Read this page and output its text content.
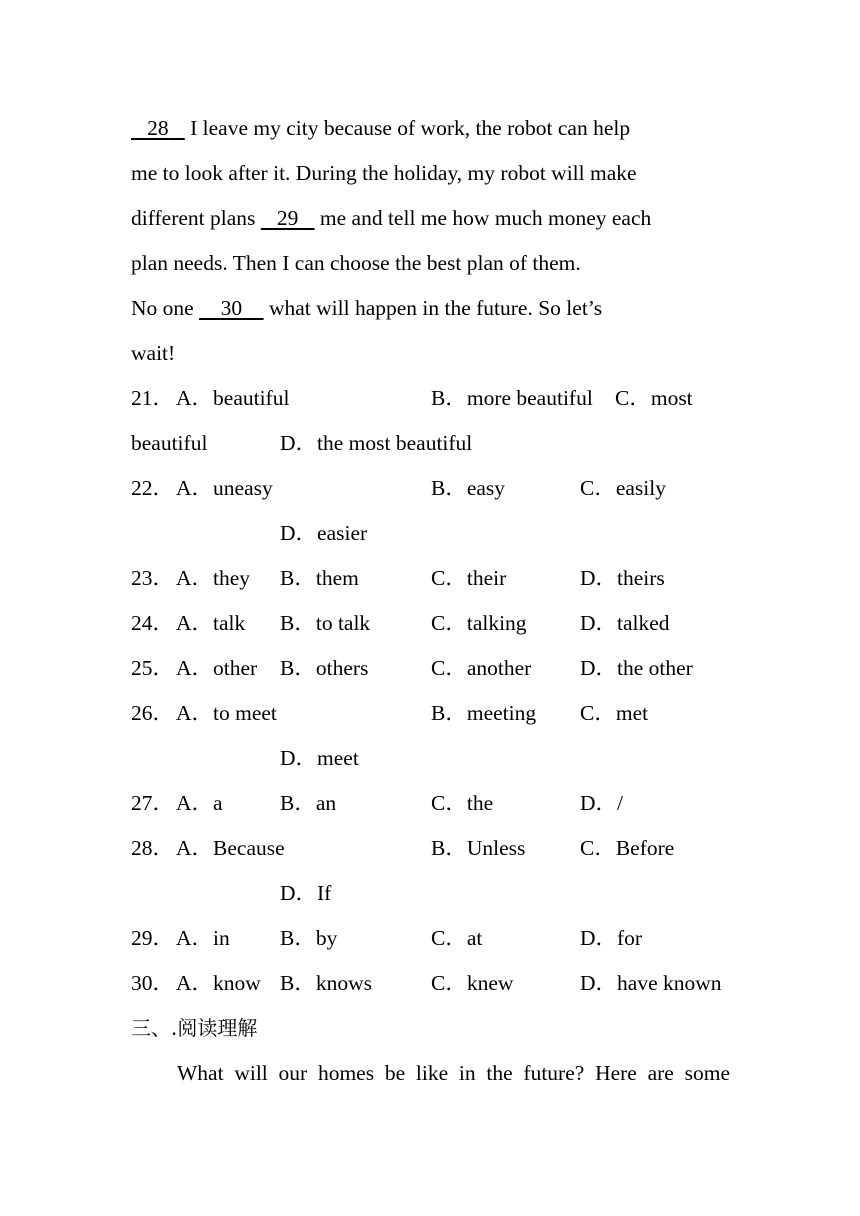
28    I leave my city because of work, the robot can help
me to look after it. During the holiday, my robot will make
different plans    29    me and tell me how much money each
plan needs. Then I can choose the best plan of them.
No one     30     what will happen in the future. So let’s
wait!
21． A．beautiful	B．more beautiful C．most
beautiful	D．the most beautiful
22． A．uneasy	B．easy	C．easily
D．easier
23． A．they B．them	C．their	D．theirs
24． A．talk B．to talk	C．talking D．talked
25． A．other B．others	C．another D．the other
26． A．to meet	B．meeting C．met
D．meet
27． A．a	B．an	C．the	D．/
28． A．Because	B．Unless	C．Before
D．If
29． A．in B．by	C．at	D．for
30． A．know B．knows	C．knew	D．have known
三、.阅读理解
What will our homes be like in the future? Here are some
